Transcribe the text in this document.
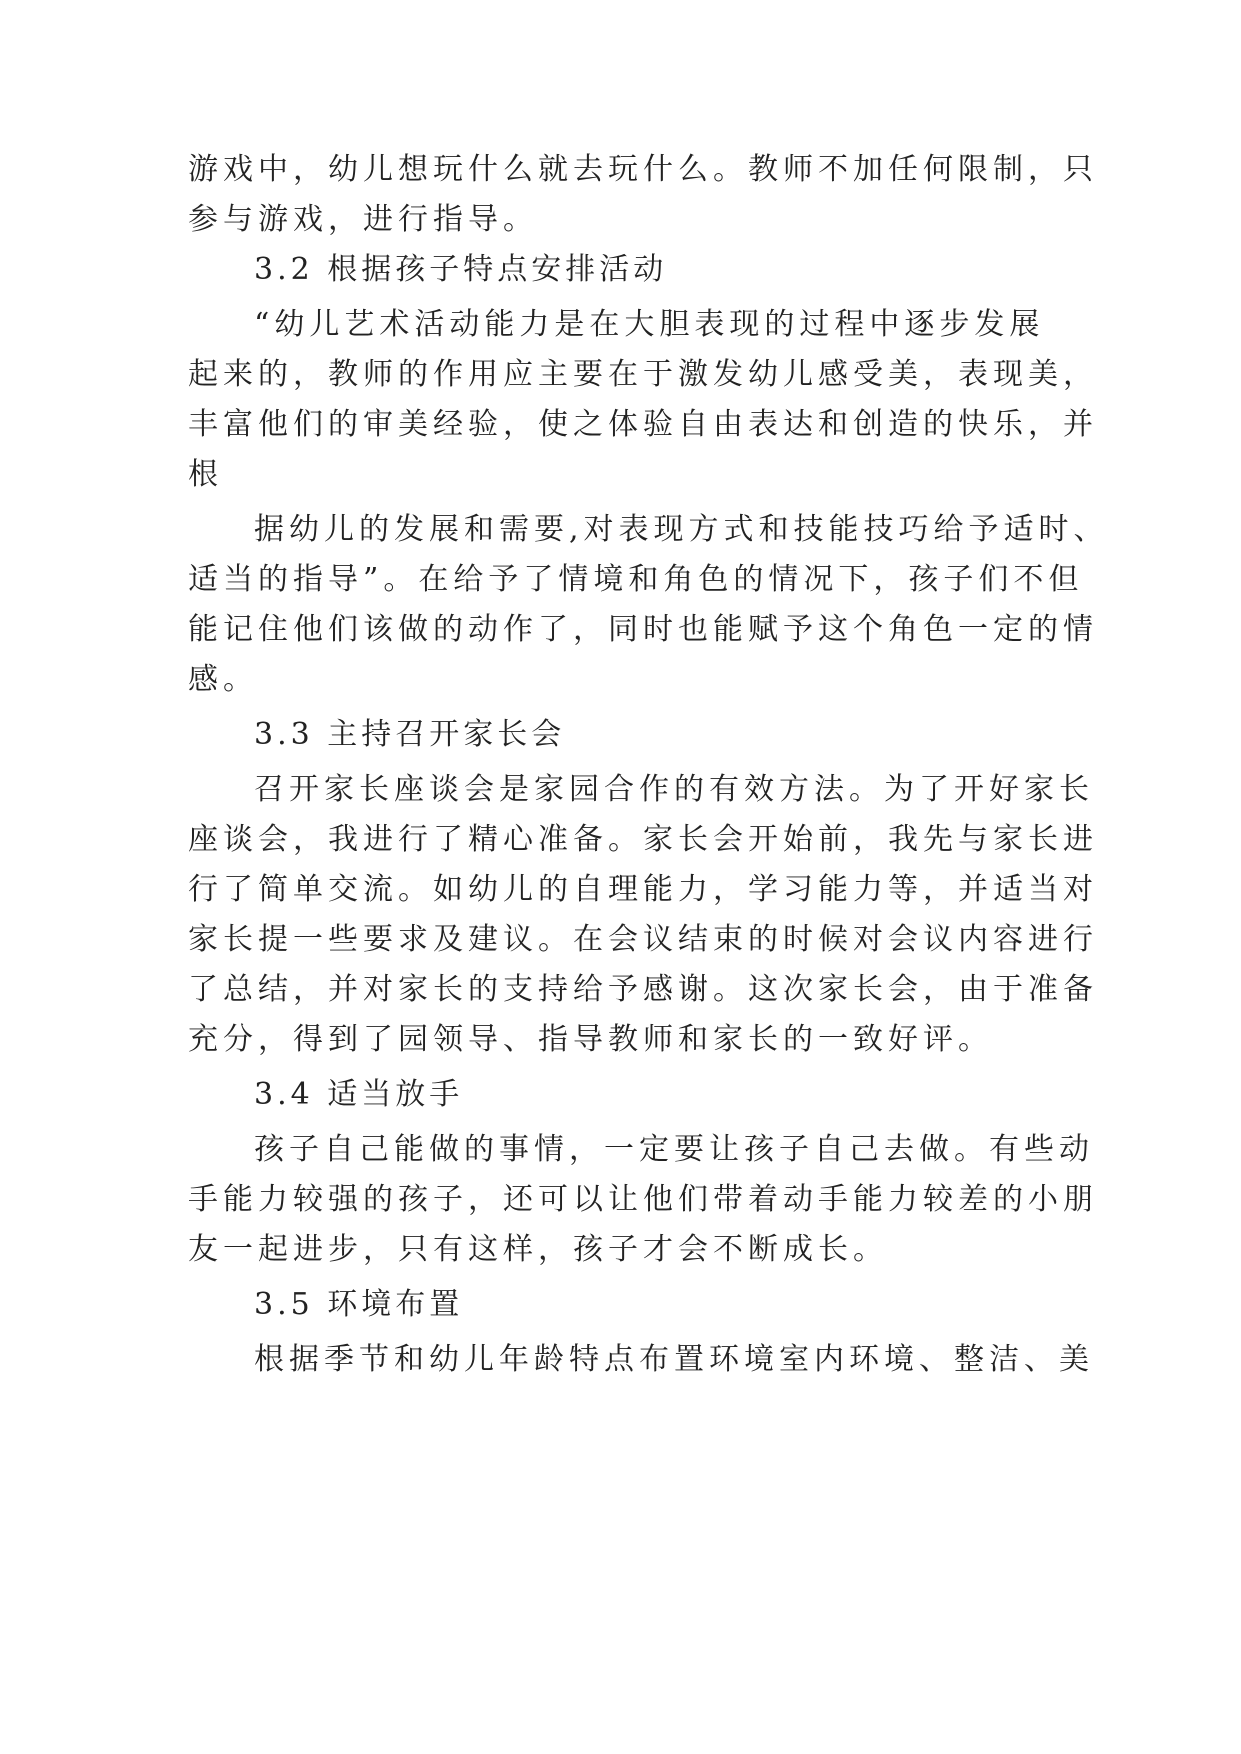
游戏中，幼儿想玩什么就去玩什么。教师不加任何限制，只

参与游戏，进行指导。

3.2 根据孩子特点安排活动

“幼儿艺术活动能力是在大胆表现的过程中逐步发展

起来的，教师的作用应主要在于激发幼儿感受美，表现美，

丰富他们的审美经验，使之体验自由表达和创造的快乐，并

根

据幼儿的发展和需要,对表现方式和技能技巧给予适时、

适当的指导”。在给予了情境和角色的情况下，孩子们不但

能记住他们该做的动作了，同时也能赋予这个角色一定的情

感。

3.3 主持召开家长会

召开家长座谈会是家园合作的有效方法。为了开好家长

座谈会，我进行了精心准备。家长会开始前，我先与家长进

行了简单交流。如幼儿的自理能力，学习能力等，并适当对

家长提一些要求及建议。在会议结束的时候对会议内容进行

了总结，并对家长的支持给予感谢。这次家长会，由于准备

充分，得到了园领导、指导教师和家长的一致好评。

3.4 适当放手

孩子自己能做的事情，一定要让孩子自己去做。有些动

手能力较强的孩子，还可以让他们带着动手能力较差的小朋

友一起进步，只有这样，孩子才会不断成长。

3.5 环境布置

根据季节和幼儿年龄特点布置环境室内环境、整洁、美
